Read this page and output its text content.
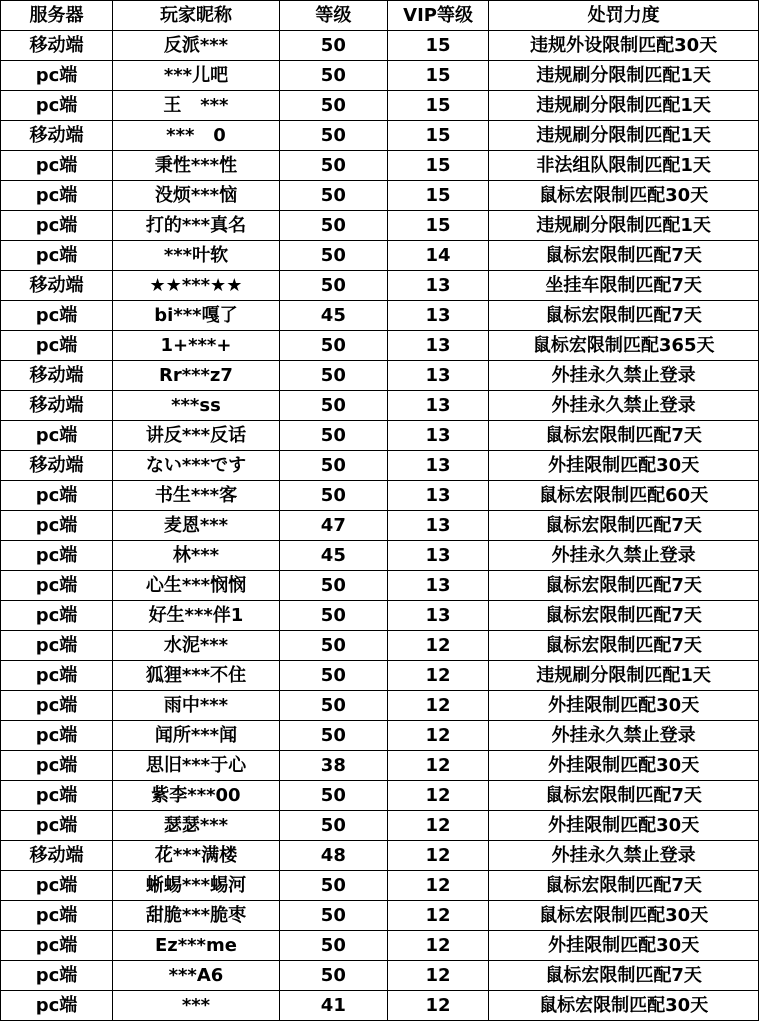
服务器	玩家昵称	等级	VIP等级	处罚力度
移动端	反派***	50	15	违规外设限制匹配30天
pc端	***儿吧	50	15	违规刷分限制匹配1天
pc端	王   ***	50	15	违规刷分限制匹配1天
移动端	***   0	50	15	违规刷分限制匹配1天
pc端	秉性***性	50	15	非法组队限制匹配1天
pc端	没烦***恼	50	15	鼠标宏限制匹配30天
pc端	打的***真名	50	15	违规刷分限制匹配1天
pc端	***叶软	50	14	鼠标宏限制匹配7天
移动端	★★***★★	50	13	坐挂车限制匹配7天
pc端	bi***嘎了	45	13	鼠标宏限制匹配7天
pc端	1+***+	50	13	鼠标宏限制匹配365天
移动端	Rr***z7	50	13	外挂永久禁止登录
移动端	***ss	50	13	外挂永久禁止登录
pc端	讲反***反话	50	13	鼠标宏限制匹配7天
移动端	ない***です	50	13	外挂限制匹配30天
pc端	书生***客	50	13	鼠标宏限制匹配60天
pc端	麦恩***	47	13	鼠标宏限制匹配7天
pc端	林***	45	13	外挂永久禁止登录
pc端	心生***悯悯	50	13	鼠标宏限制匹配7天
pc端	好生***伴1	50	13	鼠标宏限制匹配7天
pc端	水泥***	50	12	鼠标宏限制匹配7天
pc端	狐狸***不住	50	12	违规刷分限制匹配1天
pc端	雨中***	50	12	外挂限制匹配30天
pc端	闻所***闻	50	12	外挂永久禁止登录
pc端	思旧***于心	38	12	外挂限制匹配30天
pc端	紫李***00	50	12	鼠标宏限制匹配7天
pc端	瑟瑟***	50	12	外挂限制匹配30天
移动端	花***满楼	48	12	外挂永久禁止登录
pc端	蜥蜴***蜴河	50	12	鼠标宏限制匹配7天
pc端	甜脆***脆枣	50	12	鼠标宏限制匹配30天
pc端	Ez***me	50	12	外挂限制匹配30天
pc端	***A6	50	12	鼠标宏限制匹配7天
pc端	***	41	12	鼠标宏限制匹配30天
